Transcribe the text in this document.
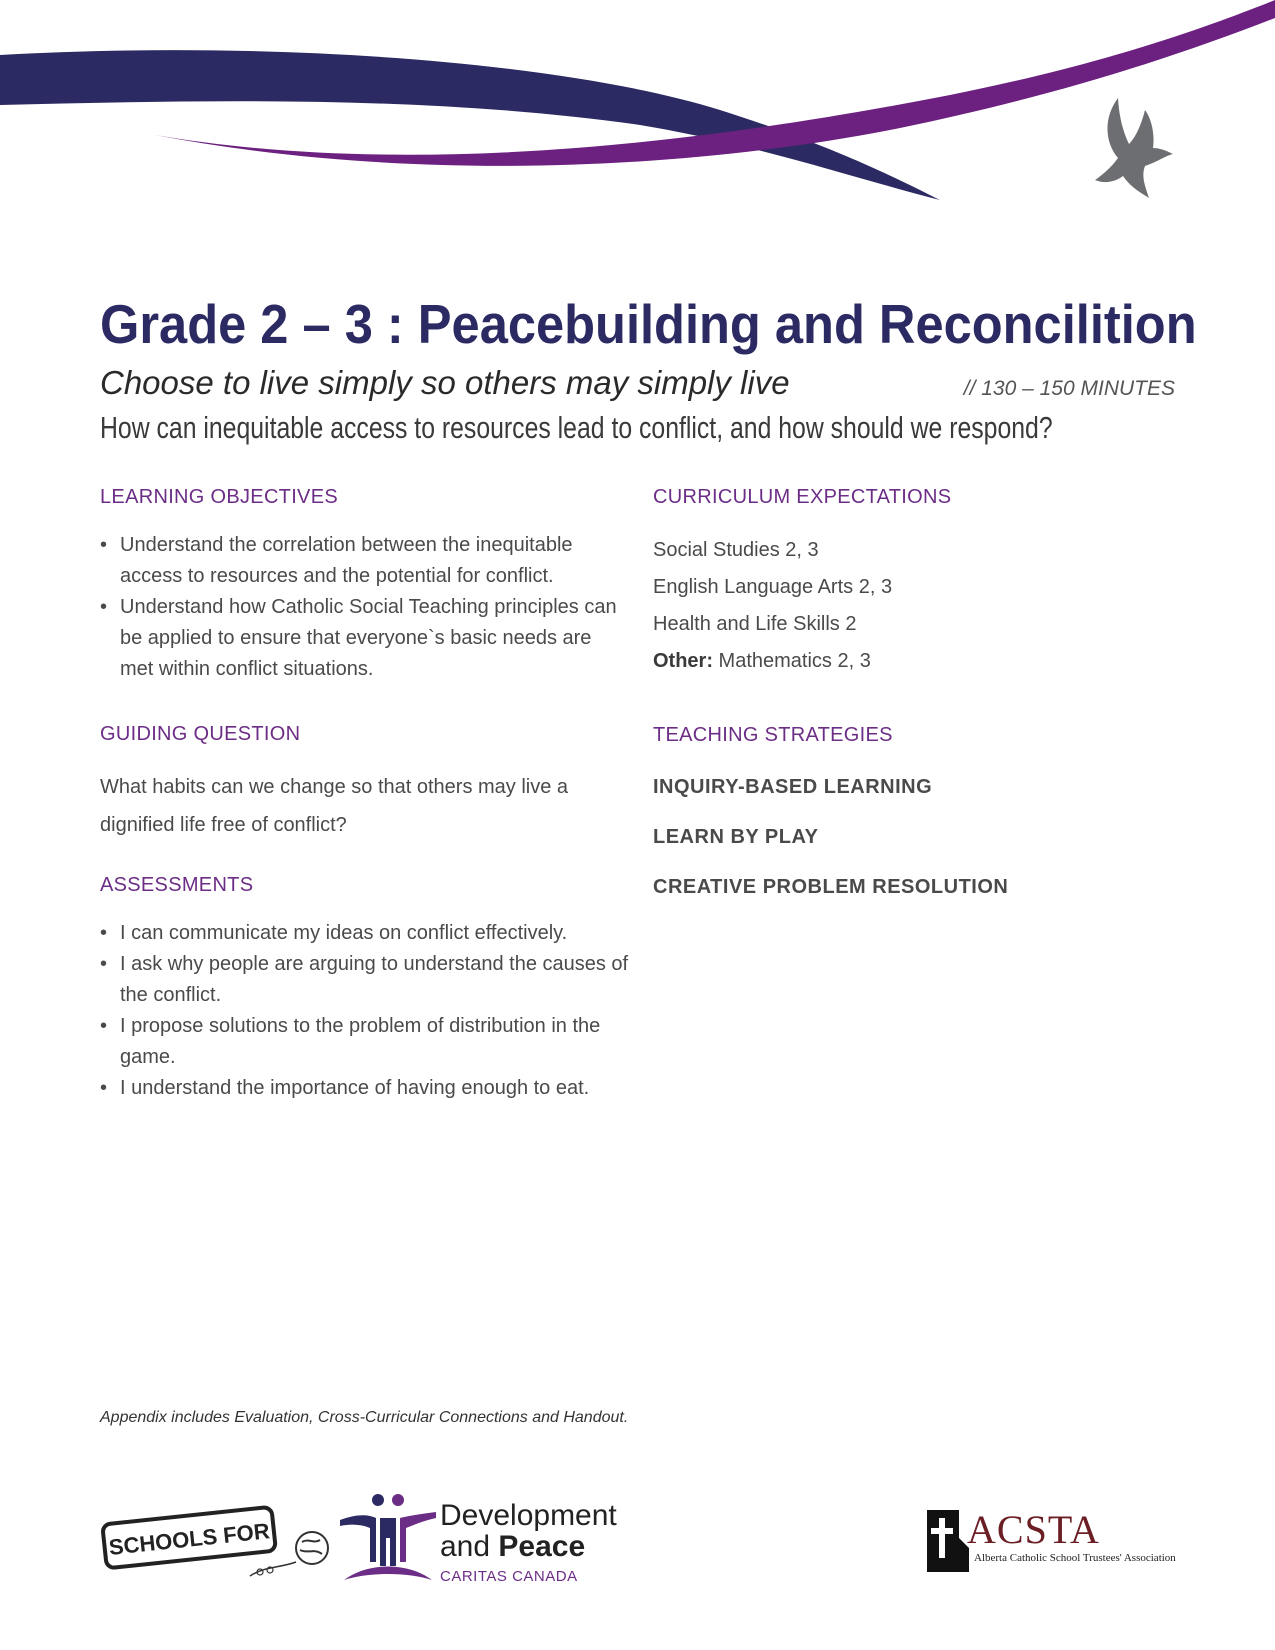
Grade 2 – 3 : Peacebuilding and Reconcilition
Choose to live simply so others may simply live	// 130 – 150 MINUTES
How can inequitable access to resources lead to conflict, and how should we respond?
LEARNING OBJECTIVES
• Understand the correlation between the inequitable access to resources and the potential for conflict.
• Understand how Catholic Social Teaching principles can be applied to ensure that everyone`s basic needs are met within conflict situations.
GUIDING QUESTION

What habits can we change so that others may live a dignified life free of conflict?

ASSESSMENTS
• I can communicate my ideas on conflict effectively.
• I ask why people are arguing to understand the causes of the conflict.
• I propose solutions to the problem of distribution in the game.
• I understand the importance of having enough to eat.
CURRICULUM EXPECTATIONS
Social Studies 2, 3
English Language Arts 2, 3
Health and Life Skills 2
Other: Mathematics 2, 3
TEACHING STRATEGIES
INQUIRY-BASED LEARNING
LEARN BY PLAY
CREATIVE PROBLEM RESOLUTION
Appendix includes Evaluation, Cross-Curricular Connections and Handout.
SCHOOLS FOR
Development
and Peace
CARITAS CANADA
ACSTA
Alberta Catholic School Trustees' Association
